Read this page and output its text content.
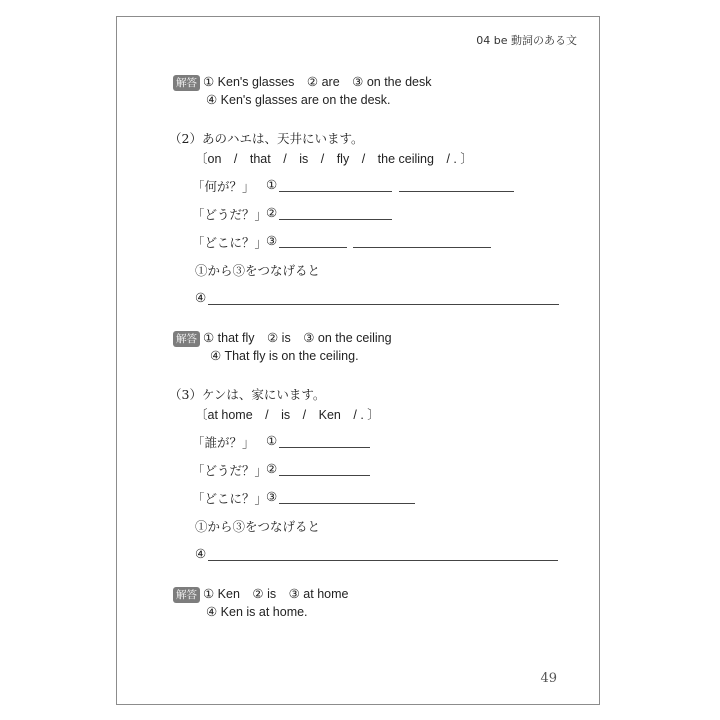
04 be 動詞のある文
解答 ① Ken's glasses　② are　③ on the desk
④ Ken's glasses are on the desk.
（2）あのハエは、天井にいます。
〔on　/　that　/　is　/　fly　/　the ceiling　/ . 〕
「何が？」 ①
「どうだ？」
②
「どこに？」
③
①から③をつなげると
④
解答 ① that fly　② is　③ on the ceiling
④ That fly is on the ceiling.
（3）ケンは、家にいます。
〔at home　/　is　/　Ken　/ . 〕
「誰が？」 ①
「どうだ？」
②
「どこに？」
③
①から③をつなげると
④
解答 ① Ken　② is　③ at home
④ Ken is at home.
49
